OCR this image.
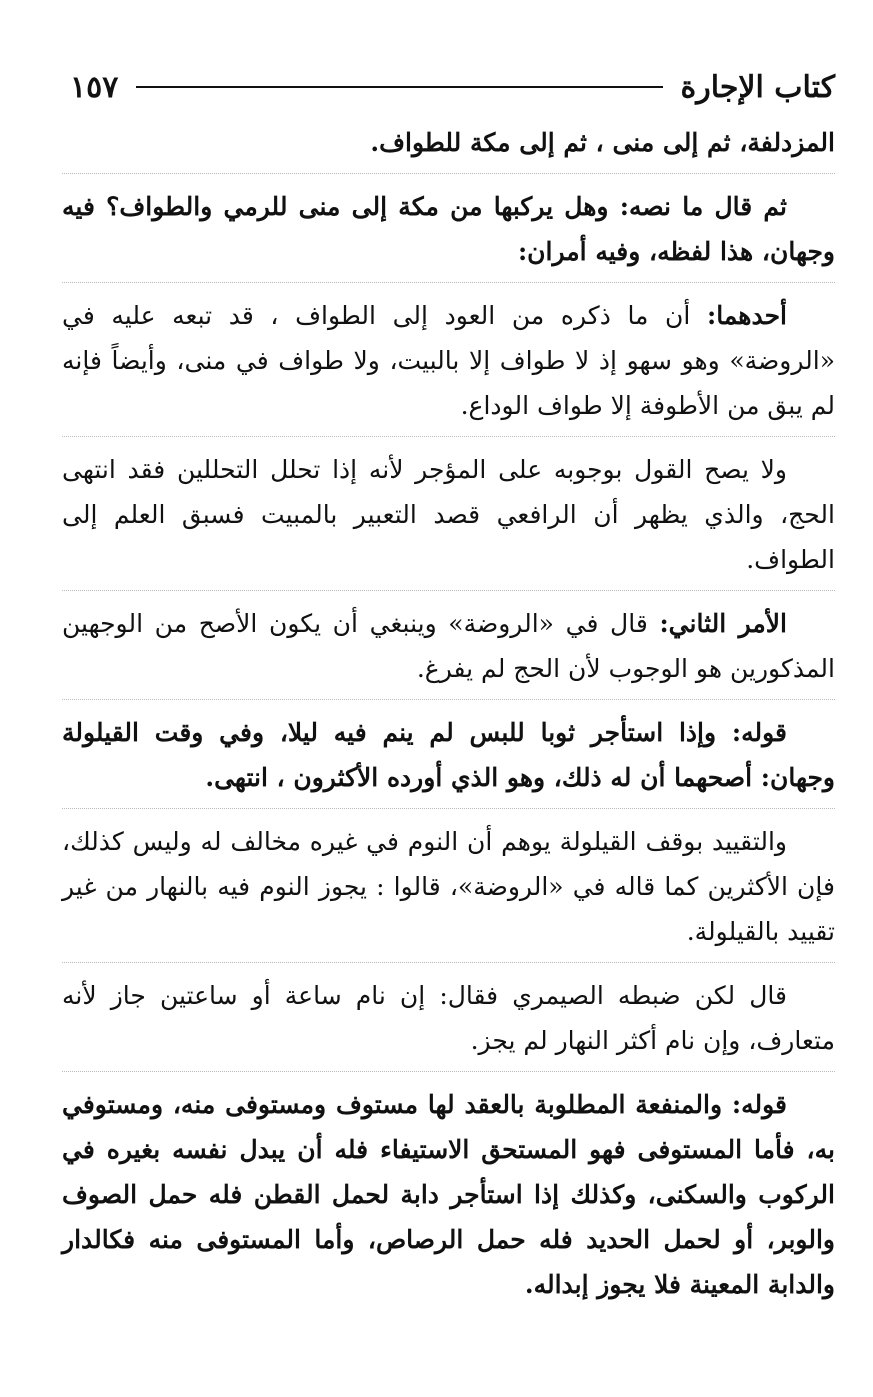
كتاب الإجارة
١٥٧

المزدلفة، ثم إلى منى ، ثم إلى مكة للطواف.

ثم قال ما نصه: وهل يركبها من مكة إلى منى للرمي والطواف؟ فيه وجهان، هذا لفظه، وفيه أمران:

أحدهما: أن ما ذكره من العود إلى الطواف ، قد تبعه عليه في «الروضة» وهو سهو إذ لا طواف إلا بالبيت، ولا طواف في منى، وأيضاً فإنه لم يبق من الأطوفة إلا طواف الوداع.

ولا يصح القول بوجوبه على المؤجر لأنه إذا تحلل التحللين فقد انتهى الحج، والذي يظهر أن الرافعي قصد التعبير بالمبيت فسبق العلم إلى الطواف.

الأمر الثاني: قال في «الروضة» وينبغي أن يكون الأصح من الوجهين المذكورين هو الوجوب لأن الحج لم يفرغ.

قوله: وإذا استأجر ثوبا للبس لم ينم فيه ليلا، وفي وقت القيلولة وجهان: أصحهما أن له ذلك، وهو الذي أورده الأكثرون ، انتهى.

والتقييد بوقف القيلولة يوهم أن النوم في غيره مخالف له وليس كذلك، فإن الأكثرين كما قاله في «الروضة»، قالوا : يجوز النوم فيه بالنهار من غير تقييد بالقيلولة.

قال لكن ضبطه الصيمري فقال: إن نام ساعة أو ساعتين جاز لأنه متعارف، وإن نام أكثر النهار لم يجز.

قوله: والمنفعة المطلوبة بالعقد لها مستوف ومستوفى منه، ومستوفي به، فأما المستوفى فهو المستحق الاستيفاء فله أن يبدل نفسه بغيره في الركوب والسكنى، وكذلك إذا استأجر دابة لحمل القطن فله حمل الصوف والوبر، أو لحمل الحديد فله حمل الرصاص، وأما المستوفى منه فكالدار والدابة المعينة فلا يجوز إبداله.
